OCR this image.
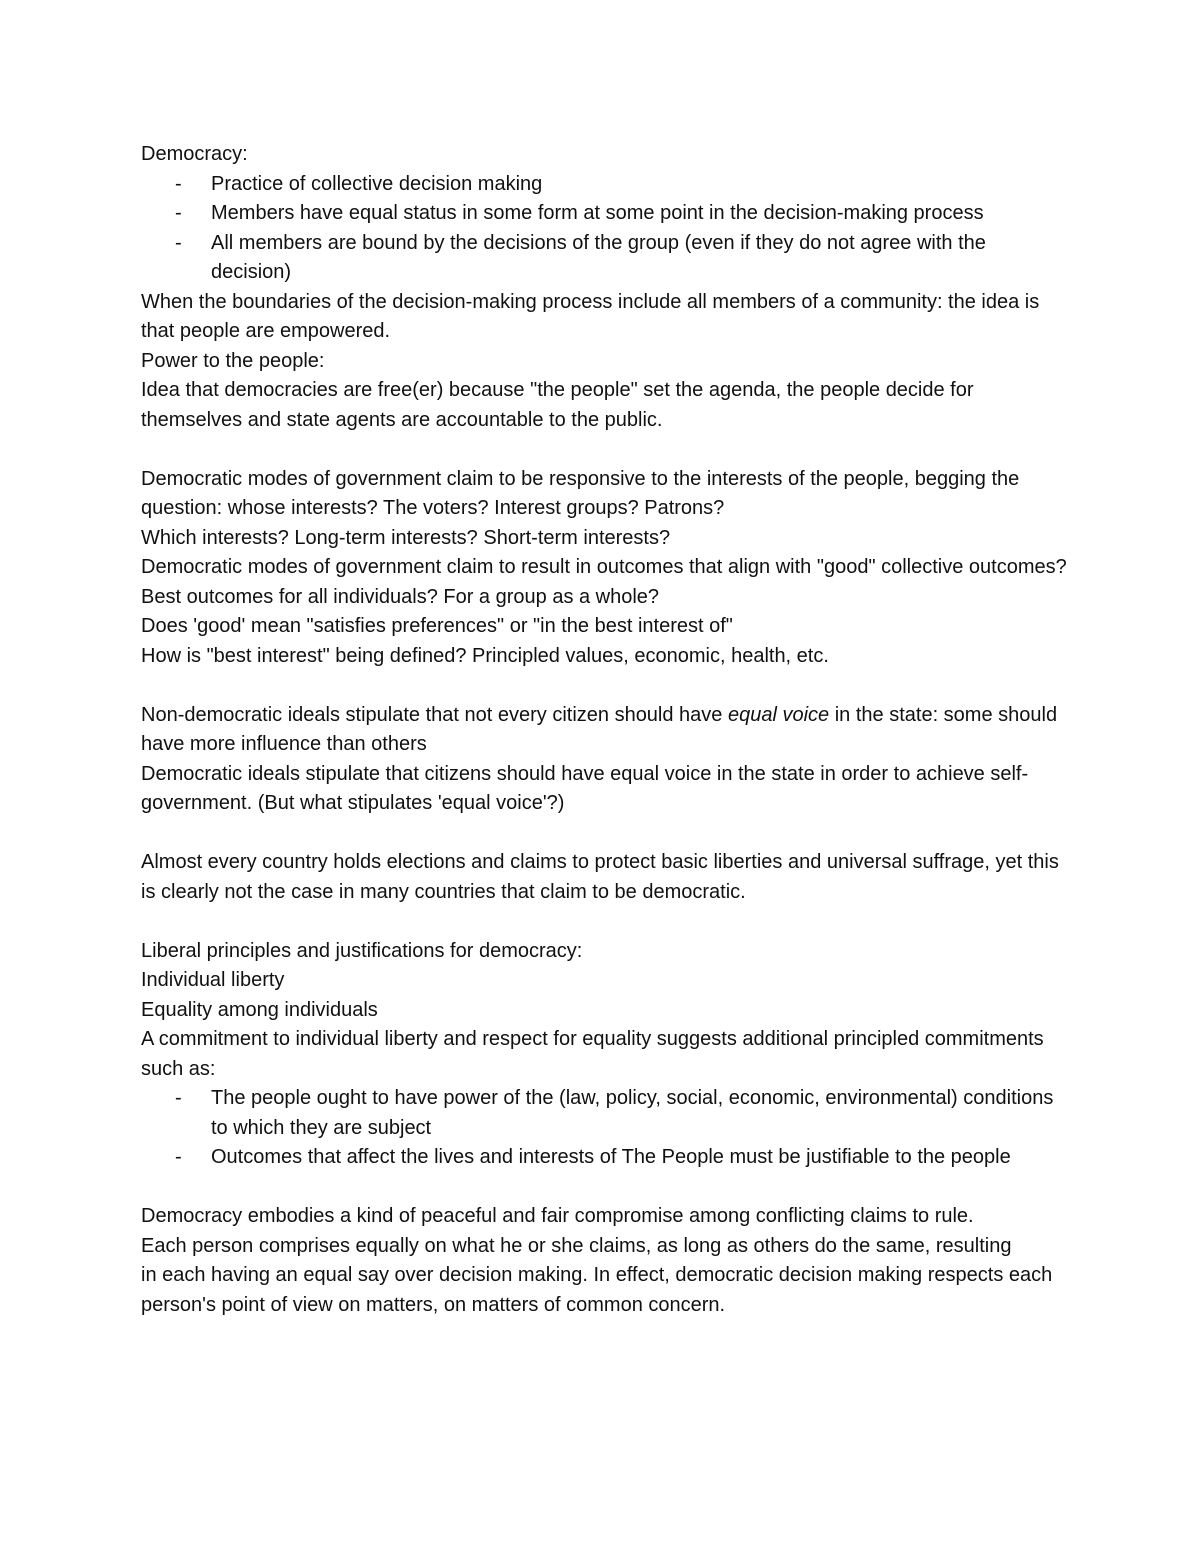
Democracy:

- Practice of collective decision making
- Members have equal status in some form at some point in the decision-making process
- All members are bound by the decisions of the group (even if they do not agree with the decision)

When the boundaries of the decision-making process include all members of a community: the idea is that people are empowered.

Power to the people:

Idea that democracies are free(er) because "the people" set the agenda, the people decide for themselves and state agents are accountable to the public.

Democratic modes of government claim to be responsive to the interests of the people, begging the question: whose interests? The voters? Interest groups? Patrons?

Which interests? Long-term interests? Short-term interests?

Democratic modes of government claim to result in outcomes that align with "good" collective outcomes?

Best outcomes for all individuals? For a group as a whole?

Does 'good' mean "satisfies preferences" or "in the best interest of"

How is "best interest" being defined? Principled values, economic, health, etc.

Non-democratic ideals stipulate that not every citizen should have equal voice in the state: some should have more influence than others

Democratic ideals stipulate that citizens should have equal voice in the state in order to achieve self-government. (But what stipulates 'equal voice'?)

Almost every country holds elections and claims to protect basic liberties and universal suffrage, yet this is clearly not the case in many countries that claim to be democratic.

Liberal principles and justifications for democracy:

Individual liberty

Equality among individuals

A commitment to individual liberty and respect for equality suggests additional principled commitments such as:

- The people ought to have power of the (law, policy, social, economic, environmental) conditions to which they are subject
- Outcomes that affect the lives and interests of The People must be justifiable to the people

Democracy embodies a kind of peaceful and fair compromise among conflicting claims to rule.

Each person comprises equally on what he or she claims, as long as others do the same, resulting

in each having an equal say over decision making. In effect, democratic decision making respects each person's point of view on matters, on matters of common concern.
